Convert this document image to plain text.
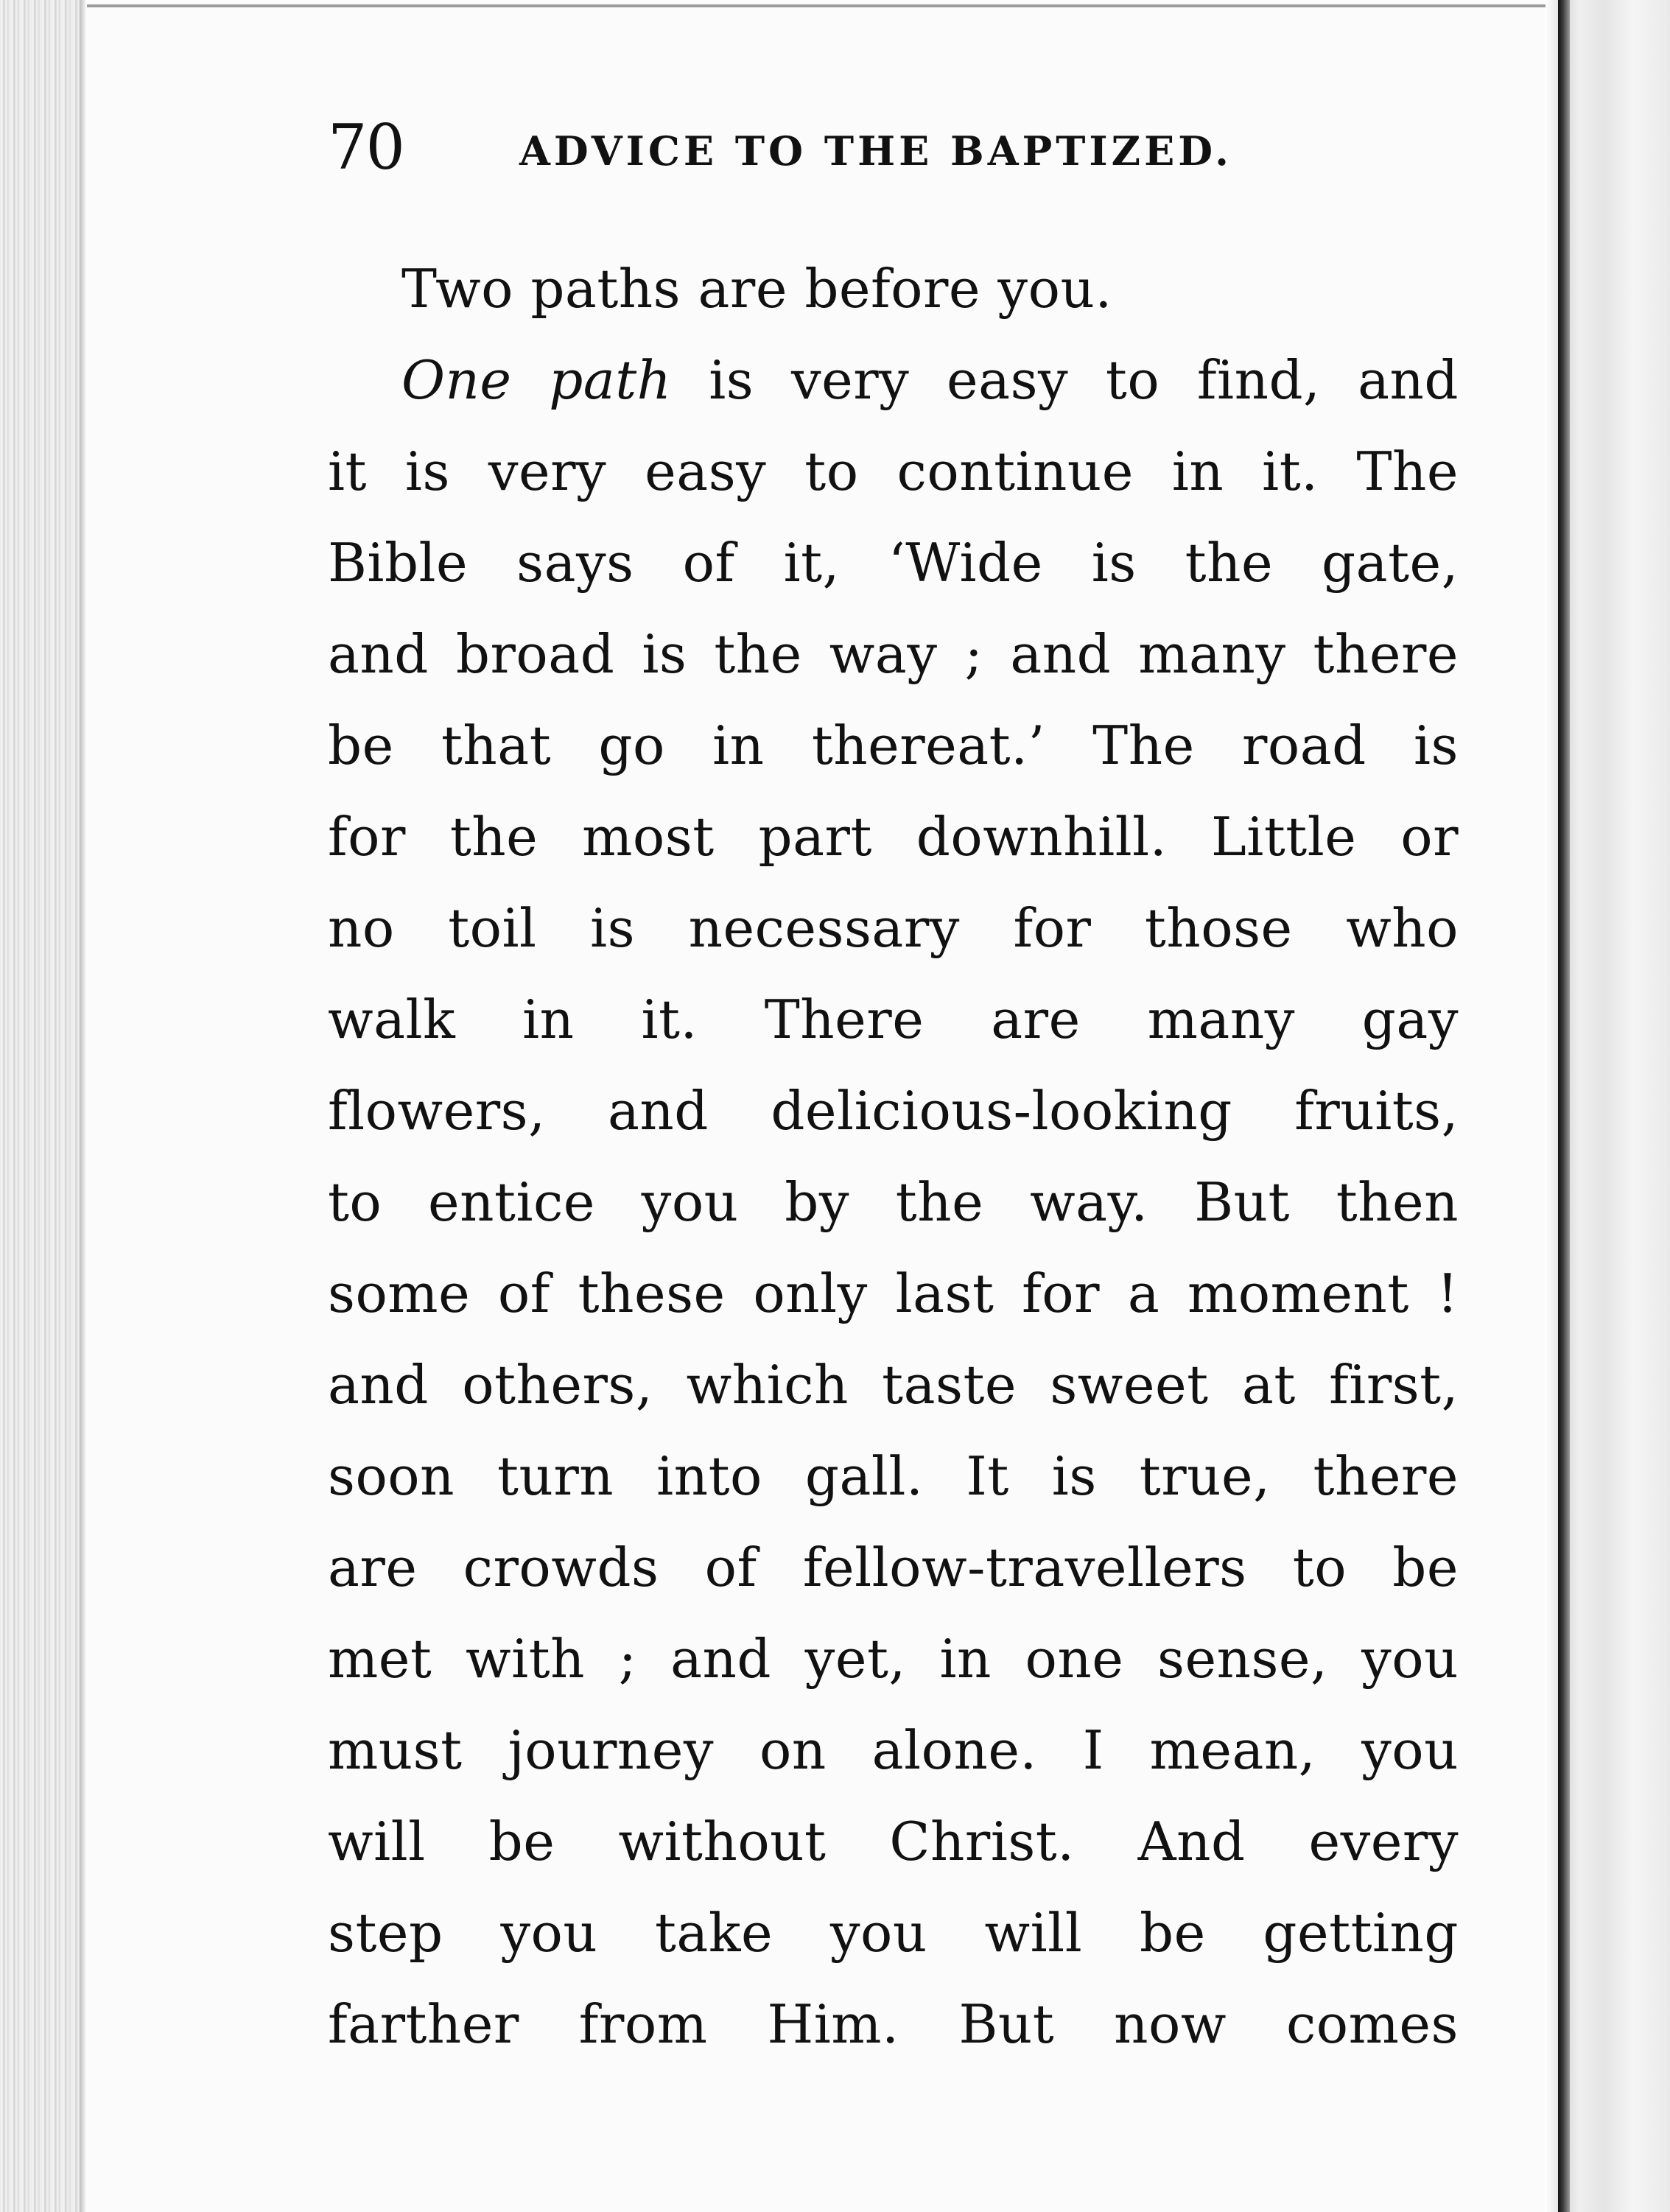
70	ADVICE TO THE BAPTIZED.
Two paths are before you.
One path is very easy to find, and
it is very easy to continue in it. The
Bible says of it, ‘Wide is the gate,
and broad is the way ; and many there
be that go in thereat.’ The road is
for the most part downhill. Little or
no toil is necessary for those who
walk in it. There are many gay
flowers, and delicious-looking fruits,
to entice you by the way. But then
some of these only last for a moment !
and others, which taste sweet at first,
soon turn into gall. It is true, there
are crowds of fellow-travellers to be
met with ; and yet, in one sense, you
must journey on alone. I mean, you
will be without Christ. And every
step you take you will be getting
farther from Him. But now comes
